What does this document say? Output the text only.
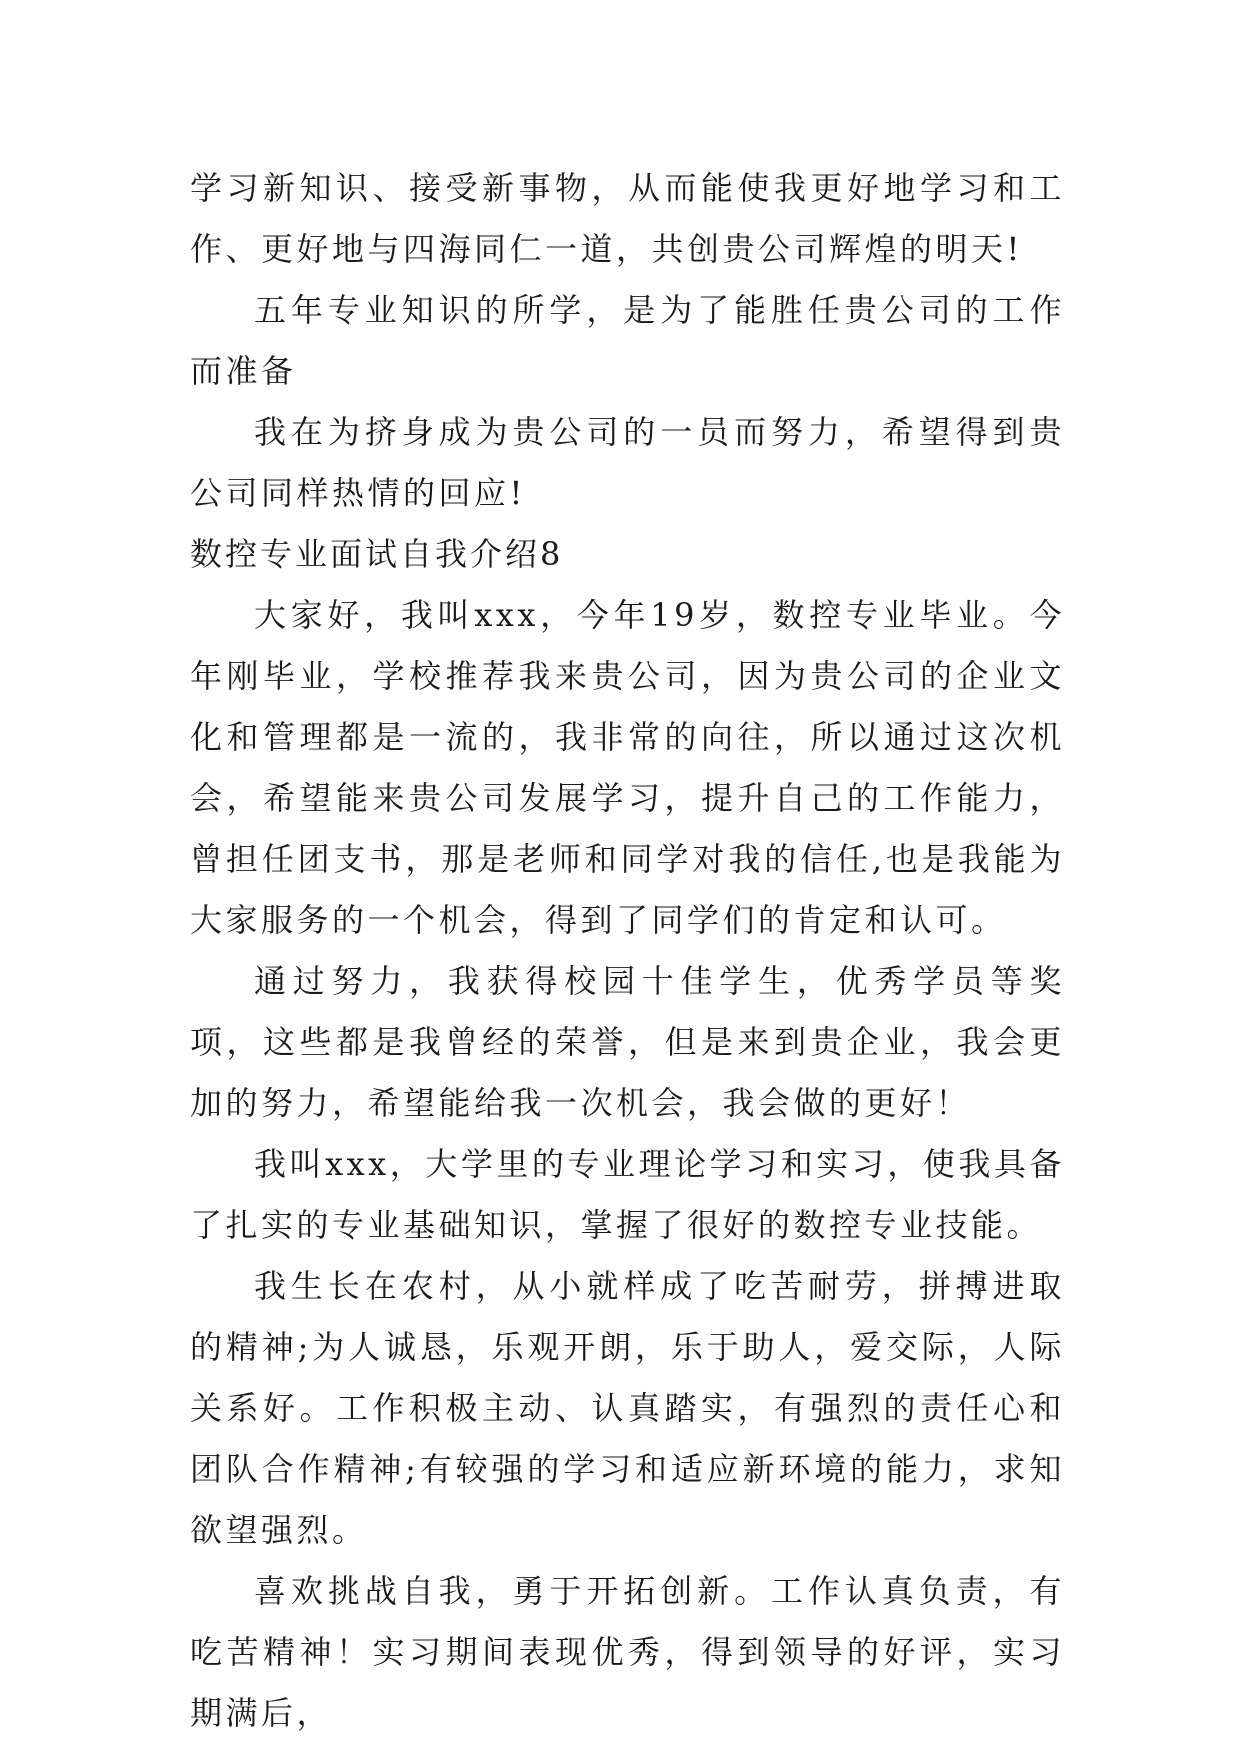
学习新知识、接受新事物，从而能使我更好地学习和工作、更好地与四海同仁一道，共创贵公司辉煌的明天!

五年专业知识的所学，是为了能胜任贵公司的工作而准备

我在为挤身成为贵公司的一员而努力，希望得到贵公司同样热情的回应!

数控专业面试自我介绍8

大家好，我叫xxx，今年19岁，数控专业毕业。今年刚毕业，学校推荐我来贵公司，因为贵公司的企业文化和管理都是一流的，我非常的向往，所以通过这次机会，希望能来贵公司发展学习，提升自己的工作能力，曾担任团支书，那是老师和同学对我的信任,也是我能为大家服务的一个机会，得到了同学们的肯定和认可。

通过努力，我获得校园十佳学生，优秀学员等奖项，这些都是我曾经的荣誉，但是来到贵企业，我会更加的努力，希望能给我一次机会，我会做的更好！

我叫xxx，大学里的专业理论学习和实习，使我具备了扎实的专业基础知识，掌握了很好的数控专业技能。

我生长在农村，从小就样成了吃苦耐劳，拼搏进取的精神;为人诚恳，乐观开朗，乐于助人，爱交际，人际关系好。工作积极主动、认真踏实，有强烈的责任心和团队合作精神;有较强的学习和适应新环境的能力，求知欲望强烈。

喜欢挑战自我，勇于开拓创新。工作认真负责，有吃苦精神！实习期间表现优秀，得到领导的好评，实习期满后，
